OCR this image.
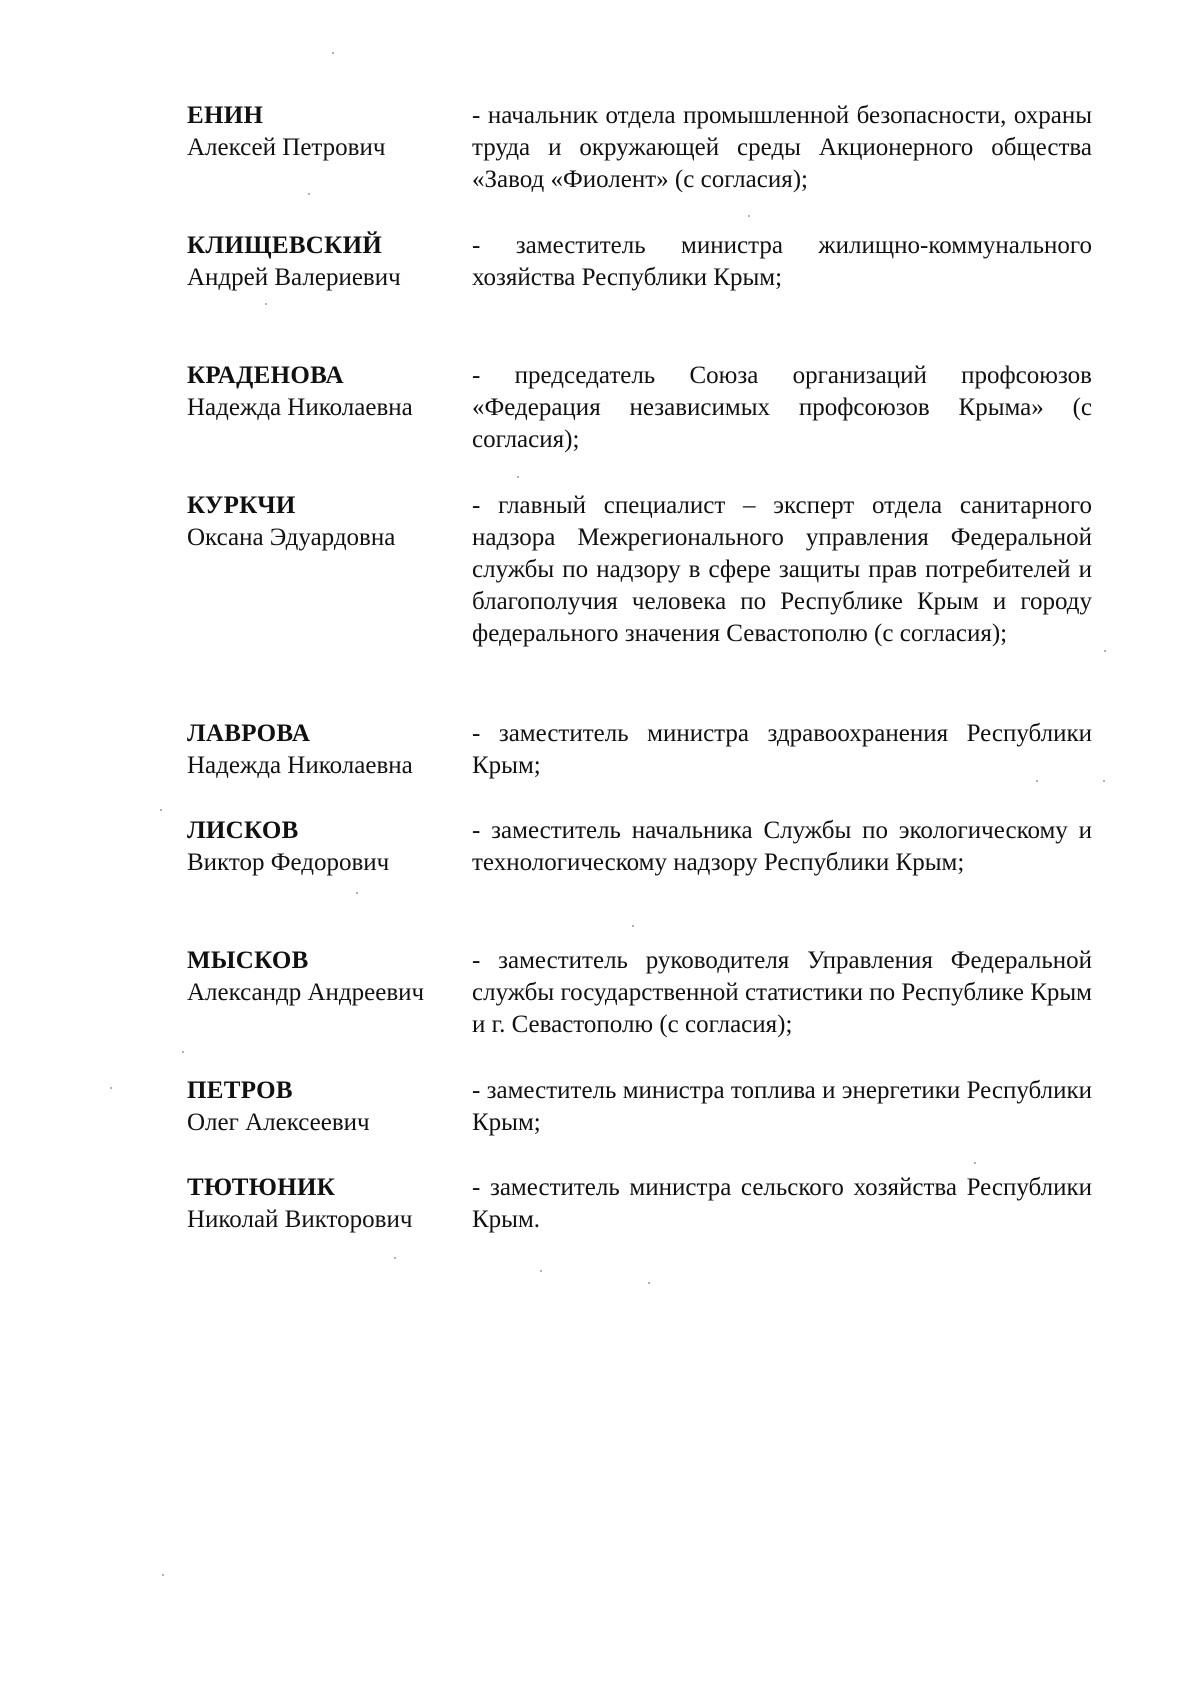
ЕНИН
Алексей Петрович
- начальник отдела промышленной безопасности, охраны труда и окружающей среды Акционерного общества «Завод «Фиолент» (с согласия);
КЛИЩЕВСКИЙ
Андрей Валериевич
- заместитель министра жилищно-коммунального хозяйства Республики Крым;
КРАДЕНОВА
Надежда Николаевна
- председатель Союза организаций профсоюзов «Федерация независимых профсоюзов Крыма» (с согласия);
КУРКЧИ
Оксана Эдуардовна
- главный специалист – эксперт отдела санитарного надзора Межрегионального управления Федеральной службы по надзору в сфере защиты прав потребителей и благополучия человека по Республике Крым и городу федерального значения Севастополю (с согласия);
ЛАВРОВА
Надежда Николаевна
- заместитель министра здравоохранения Республики Крым;
ЛИСКОВ
Виктор Федорович
- заместитель начальника Службы по экологическому и технологическому надзору Республики Крым;
МЫСКОВ
Александр Андреевич
- заместитель руководителя Управления Федеральной службы государственной статистики по Республике Крым и г. Севастополю (с согласия);
ПЕТРОВ
Олег Алексеевич
- заместитель министра топлива и энергетики Республики Крым;
ТЮТЮНИК
Николай Викторович
- заместитель министра сельского хозяйства Республики Крым.
